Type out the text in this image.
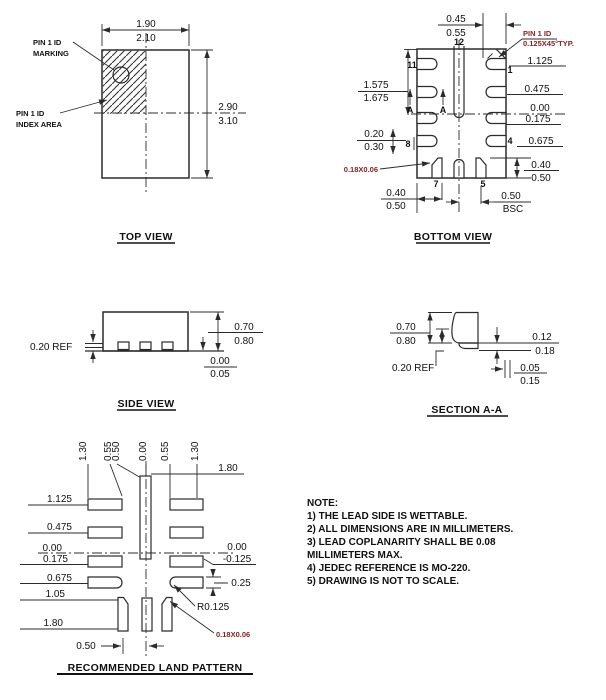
1.90
2.10
2.90
3.10
PIN 1 ID
MARKING
PIN 1 ID
INDEX AREA
TOP VIEW
0.45
0.55	PIN 1 ID
0.125X45°TYP.
1.575
1.675
A	A
0.20
0.30
0.18X0.06
0.40
0.50
0.50
BSC
0.40
0.50
1.125
0.475
0.00
0.175
0.675
12
11
8
1
4
7	5
BOTTOM VIEW
0.20 REF
0.70
0.80
0.00
0.05
SIDE VIEW
0.70
0.80
0.20 REF
0.12
0.18
0.05
0.15
SECTION A-A
1.30 0.55
0.50 0.00 0.55 1.30
1.80
1.125
0.475
0.00
0.175
0.675
1.05
1.80
0.50
0.00
-0.125
0.25
R0.125
0.18X0.06
RECOMMENDED LAND PATTERN
NOTE:
1) THE LEAD SIDE IS WETTABLE.
2) ALL DIMENSIONS ARE IN MILLIMETERS.
3) LEAD COPLANARITY SHALL BE 0.08
MILLIMETERS MAX.
4) JEDEC REFERENCE IS MO-220.
5) DRAWING IS NOT TO SCALE.
